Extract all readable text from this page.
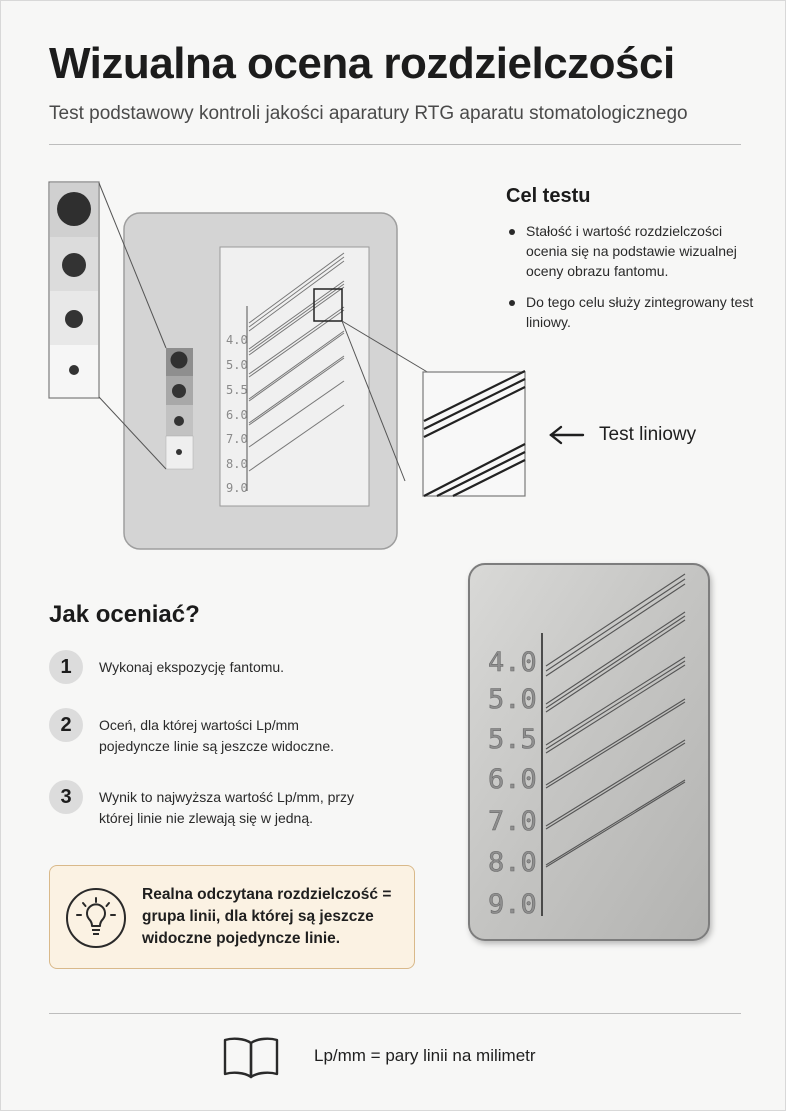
Wizualna ocena rozdzielczości
Test podstawowy kontroli jakości aparatury RTG aparatu stomatologicznego
4.0
5.0
5.5
6.0
7.0
8.0
9.0
4.0
5.0
5.5
6.0
7.0
8.0
9.0
Cel testu
Stałość i wartość rozdzielczości ocenia się na podstawie wizualnej oceny obrazu fantomu.
Do tego celu służy zintegrowany test liniowy.
Test liniowy
Jak oceniać?
1	Wykonaj ekspozycję fantomu.
2	Oceń, dla której wartości Lp/mm pojedyncze linie są jeszcze widoczne.
3	Wynik to najwyższa wartość Lp/mm, przy której linie nie zlewają się w jedną.
Realna odczytana rozdzielczość = grupa linii, dla której są jeszcze widoczne pojedyncze linie.
Lp/mm = pary linii na milimetr
